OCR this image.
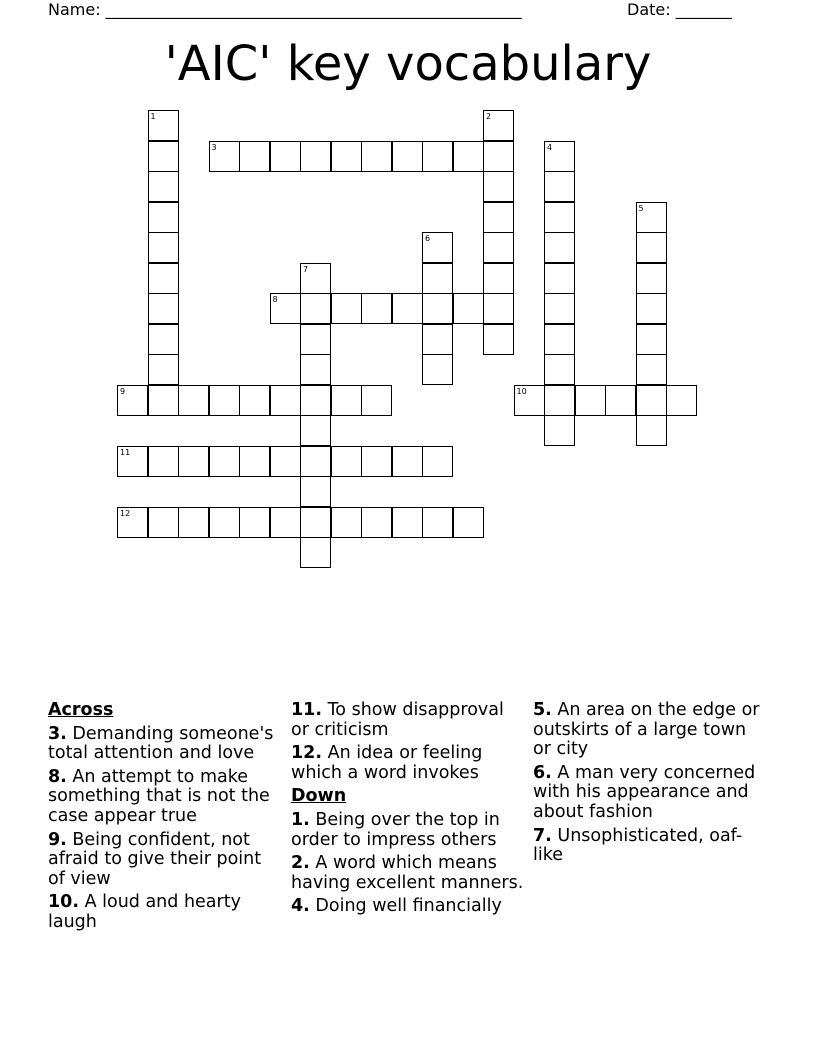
Name: ____________________________________________________	Date: _______
'AIC' key vocabulary
1	2
3	4
5
6
7
8
9	10
11
12
Across
3. Demanding someone's total attention and love
8. An attempt to make something that is not the case appear true
9. Being confident, not afraid to give their point of view
10. A loud and hearty laugh
11. To show disapproval or criticism
12. An idea or feeling which a word invokes
Down
1. Being over the top in order to impress others
2. A word which means having excellent manners.
4. Doing well financially
5. An area on the edge or outskirts of a large town or city
6. A man very concerned with his appearance and about fashion
7. Unsophisticated, oaf-like
